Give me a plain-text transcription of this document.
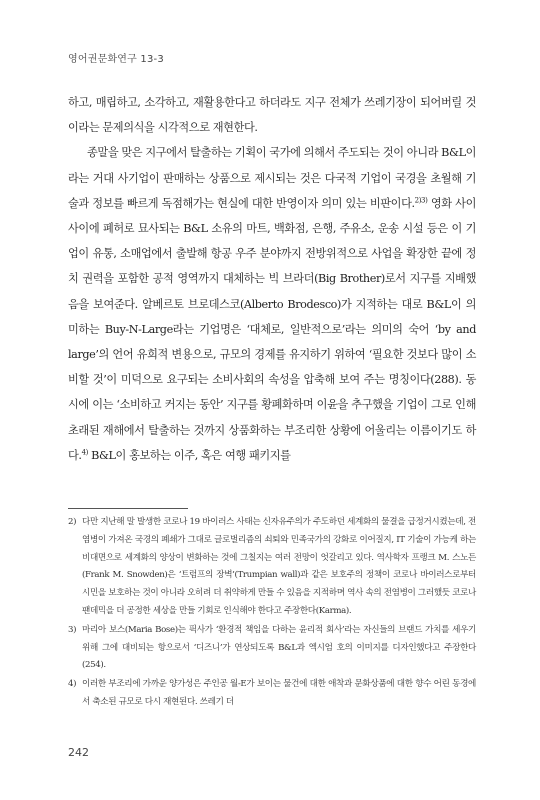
영어권문화연구 13-3

하고, 매립하고, 소각하고, 재활용한다고 하더라도 지구 전체가 쓰레기장이 되어버릴 것이라는 문제의식을 시각적으로 재현한다.

종말을 맞은 지구에서 탈출하는 기획이 국가에 의해서 주도되는 것이 아니라 B&L이라는 거대 사기업이 판매하는 상품으로 제시되는 것은 다국적 기업이 국경을 초월해 기술과 정보를 빠르게 독점해가는 현실에 대한 반영이자 의미 있는 비판이다.$^{2)3)}$ 영화 사이사이에 폐허로 묘사되는 B&L 소유의 마트, 백화점, 은행, 주유소, 운송 시설 등은 이 기업이 유통, 소매업에서 출발해 항공 우주 분야까지 전방위적으로 사업을 확장한 끝에 정치 권력을 포함한 공적 영역까지 대체하는 빅 브라더(Big Brother)로서 지구를 지배했음을 보여준다. 알베르토 브로데스코(Alberto Brodesco)가 지적하는 대로 B&L이 의미하는 Buy-N-Large라는 기업명은 ‘대체로, 일반적으로’라는 의미의 숙어 ‘by and large’의 언어 유희적 변용으로, 규모의 경제를 유지하기 위하여 ‘필요한 것보다 많이 소비할 것’이 미덕으로 요구되는 소비사회의 속성을 압축해 보여 주는 명칭이다(288). 동시에 이는 ‘소비하고 커지는 동안’ 지구를 황폐화하며 이윤을 추구했을 기업이 그로 인해 초래된 재해에서 탈출하는 것까지 상품화하는 부조리한 상황에 어울리는 이름이기도 하다.$^{4)}$ B&L이 홍보하는 이주, 혹은 여행 패키지를

2) 다만 지난해 말 발생한 코로나 19 바이러스 사태는 신자유주의가 주도하던 세계화의 물결을 급정거시켰는데, 전염병이 가져온 국경의 폐쇄가 그대로 글로벌리즘의 쇠퇴와 민족국가의 강화로 이어질지, IT 기술이 가능케 하는 비대면으로 세계화의 양상이 변화하는 것에 그칠지는 여러 전망이 엇갈리고 있다. 역사학자 프랭크 M. 스노든(Frank M. Snowden)은 ‘트럼프의 장벽’(Trumpian wall)과 같은 보호주의 정책이 코로나 바이러스로부터 시민을 보호하는 것이 아니라 오히려 더 취약하게 만들 수 있음을 지적하며 역사 속의 전염병이 그러했듯 코로나 팬데믹을 더 공정한 세상을 만들 기회로 인식해야 한다고 주장한다(Karma).
3) 마리아 보스(Maria Bose)는 픽사가 ‘환경적 책임을 다하는 윤리적 회사’라는 자신들의 브랜드 가치를 세우기 위해 그에 대비되는 항으로서 ‘디즈니’가 연상되도록 B&L과 엑시엄 호의 이미지를 디자인했다고 주장한다(254).
4) 이러한 부조리에 가까운 양가성은 주인공 월-E가 보이는 물건에 대한 애착과 문화상품에 대한 향수 어린 동경에서 축소된 규모로 다시 재현된다. 쓰레기 더
242
